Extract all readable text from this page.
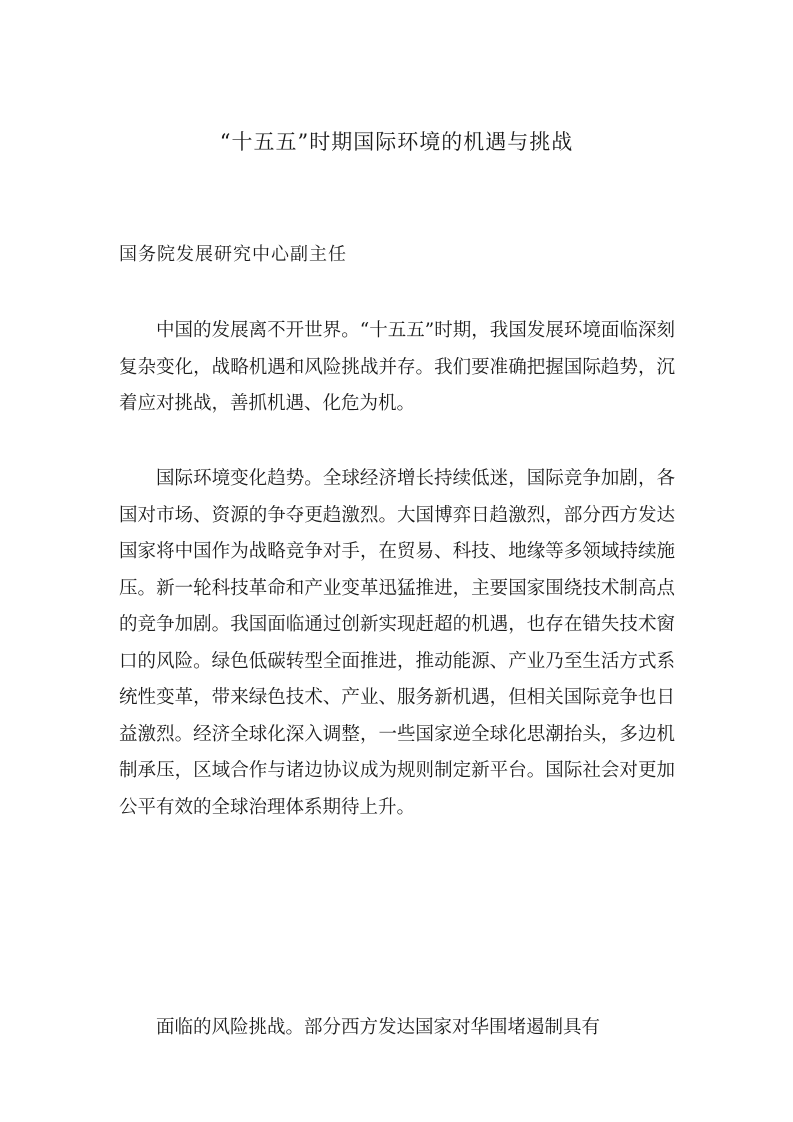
“十五五”时期国际环境的机遇与挑战

国务院发展研究中心副主任

中国的发展离不开世界。“十五五”时期，我国发展环境面临深刻复杂变化，战略机遇和风险挑战并存。我们要准确把握国际趋势，沉着应对挑战，善抓机遇、化危为机。

国际环境变化趋势。全球经济增长持续低迷，国际竞争加剧，各国对市场、资源的争夺更趋激烈。大国博弈日趋激烈，部分西方发达国家将中国作为战略竞争对手，在贸易、科技、地缘等多领域持续施压。新一轮科技革命和产业变革迅猛推进，主要国家围绕技术制高点的竞争加剧。我国面临通过创新实现赶超的机遇，也存在错失技术窗口的风险。绿色低碳转型全面推进，推动能源、产业乃至生活方式系统性变革，带来绿色技术、产业、服务新机遇，但相关国际竞争也日益激烈。经济全球化深入调整，一些国家逆全球化思潮抬头，多边机制承压，区域合作与诸边协议成为规则制定新平台。国际社会对更加公平有效的全球治理体系期待上升。

面临的风险挑战。部分西方发达国家对华围堵遏制具有
